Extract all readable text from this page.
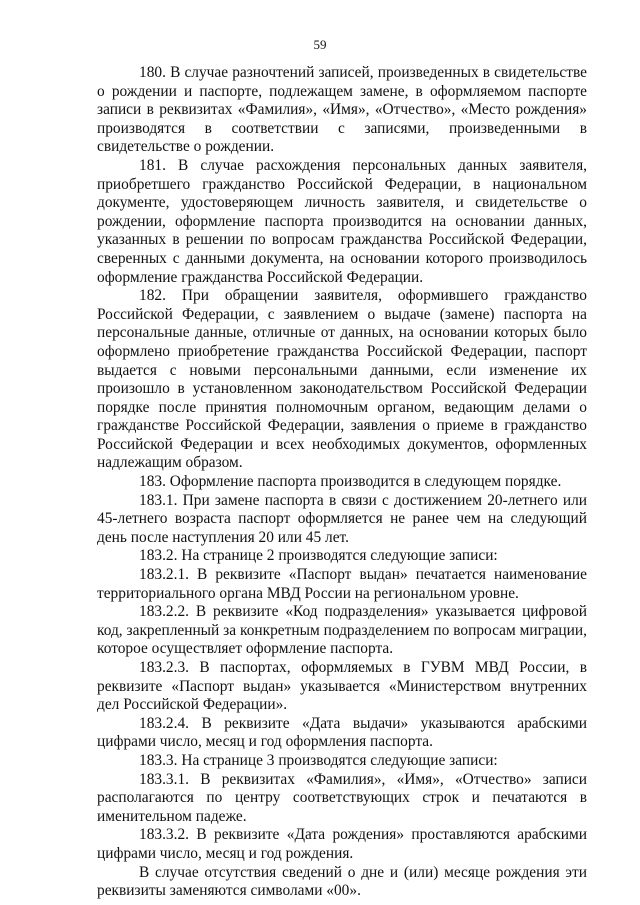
59

180. В случае разночтений записей, произведенных в свидетельстве о рождении и паспорте, подлежащем замене, в оформляемом паспорте записи в реквизитах «Фамилия», «Имя», «Отчество», «Место рождения» производятся в соответствии с записями, произведенными в свидетельстве о рождении.

181. В случае расхождения персональных данных заявителя, приобретшего гражданство Российской Федерации, в национальном документе, удостоверяющем личность заявителя, и свидетельстве о рождении, оформление паспорта производится на основании данных, указанных в решении по вопросам гражданства Российской Федерации, сверенных с данными документа, на основании которого производилось оформление гражданства Российской Федерации.

182. При обращении заявителя, оформившего гражданство Российской Федерации, с заявлением о выдаче (замене) паспорта на персональные данные, отличные от данных, на основании которых было оформлено приобретение гражданства Российской Федерации, паспорт выдается с новыми персональными данными, если изменение их произошло в установленном законодательством Российской Федерации порядке после принятия полномочным органом, ведающим делами о гражданстве Российской Федерации, заявления о приеме в гражданство Российской Федерации и всех необходимых документов, оформленных надлежащим образом.

183. Оформление паспорта производится в следующем порядке.

183.1. При замене паспорта в связи с достижением 20-летнего или 45-летнего возраста паспорт оформляется не ранее чем на следующий день после наступления 20 или 45 лет.

183.2. На странице 2 производятся следующие записи:

183.2.1. В реквизите «Паспорт выдан» печатается наименование территориального органа МВД России на региональном уровне.

183.2.2. В реквизите «Код подразделения» указывается цифровой код, закрепленный за конкретным подразделением по вопросам миграции, которое осуществляет оформление паспорта.

183.2.3. В паспортах, оформляемых в ГУВМ МВД России, в реквизите «Паспорт выдан» указывается «Министерством внутренних дел Российской Федерации».

183.2.4. В реквизите «Дата выдачи» указываются арабскими цифрами число, месяц и год оформления паспорта.

183.3. На странице 3 производятся следующие записи:

183.3.1. В реквизитах «Фамилия», «Имя», «Отчество» записи располагаются по центру соответствующих строк и печатаются в именительном падеже.

183.3.2. В реквизите «Дата рождения» проставляются арабскими цифрами число, месяц и год рождения.

В случае отсутствия сведений о дне и (или) месяце рождения эти реквизиты заменяются символами «00».
